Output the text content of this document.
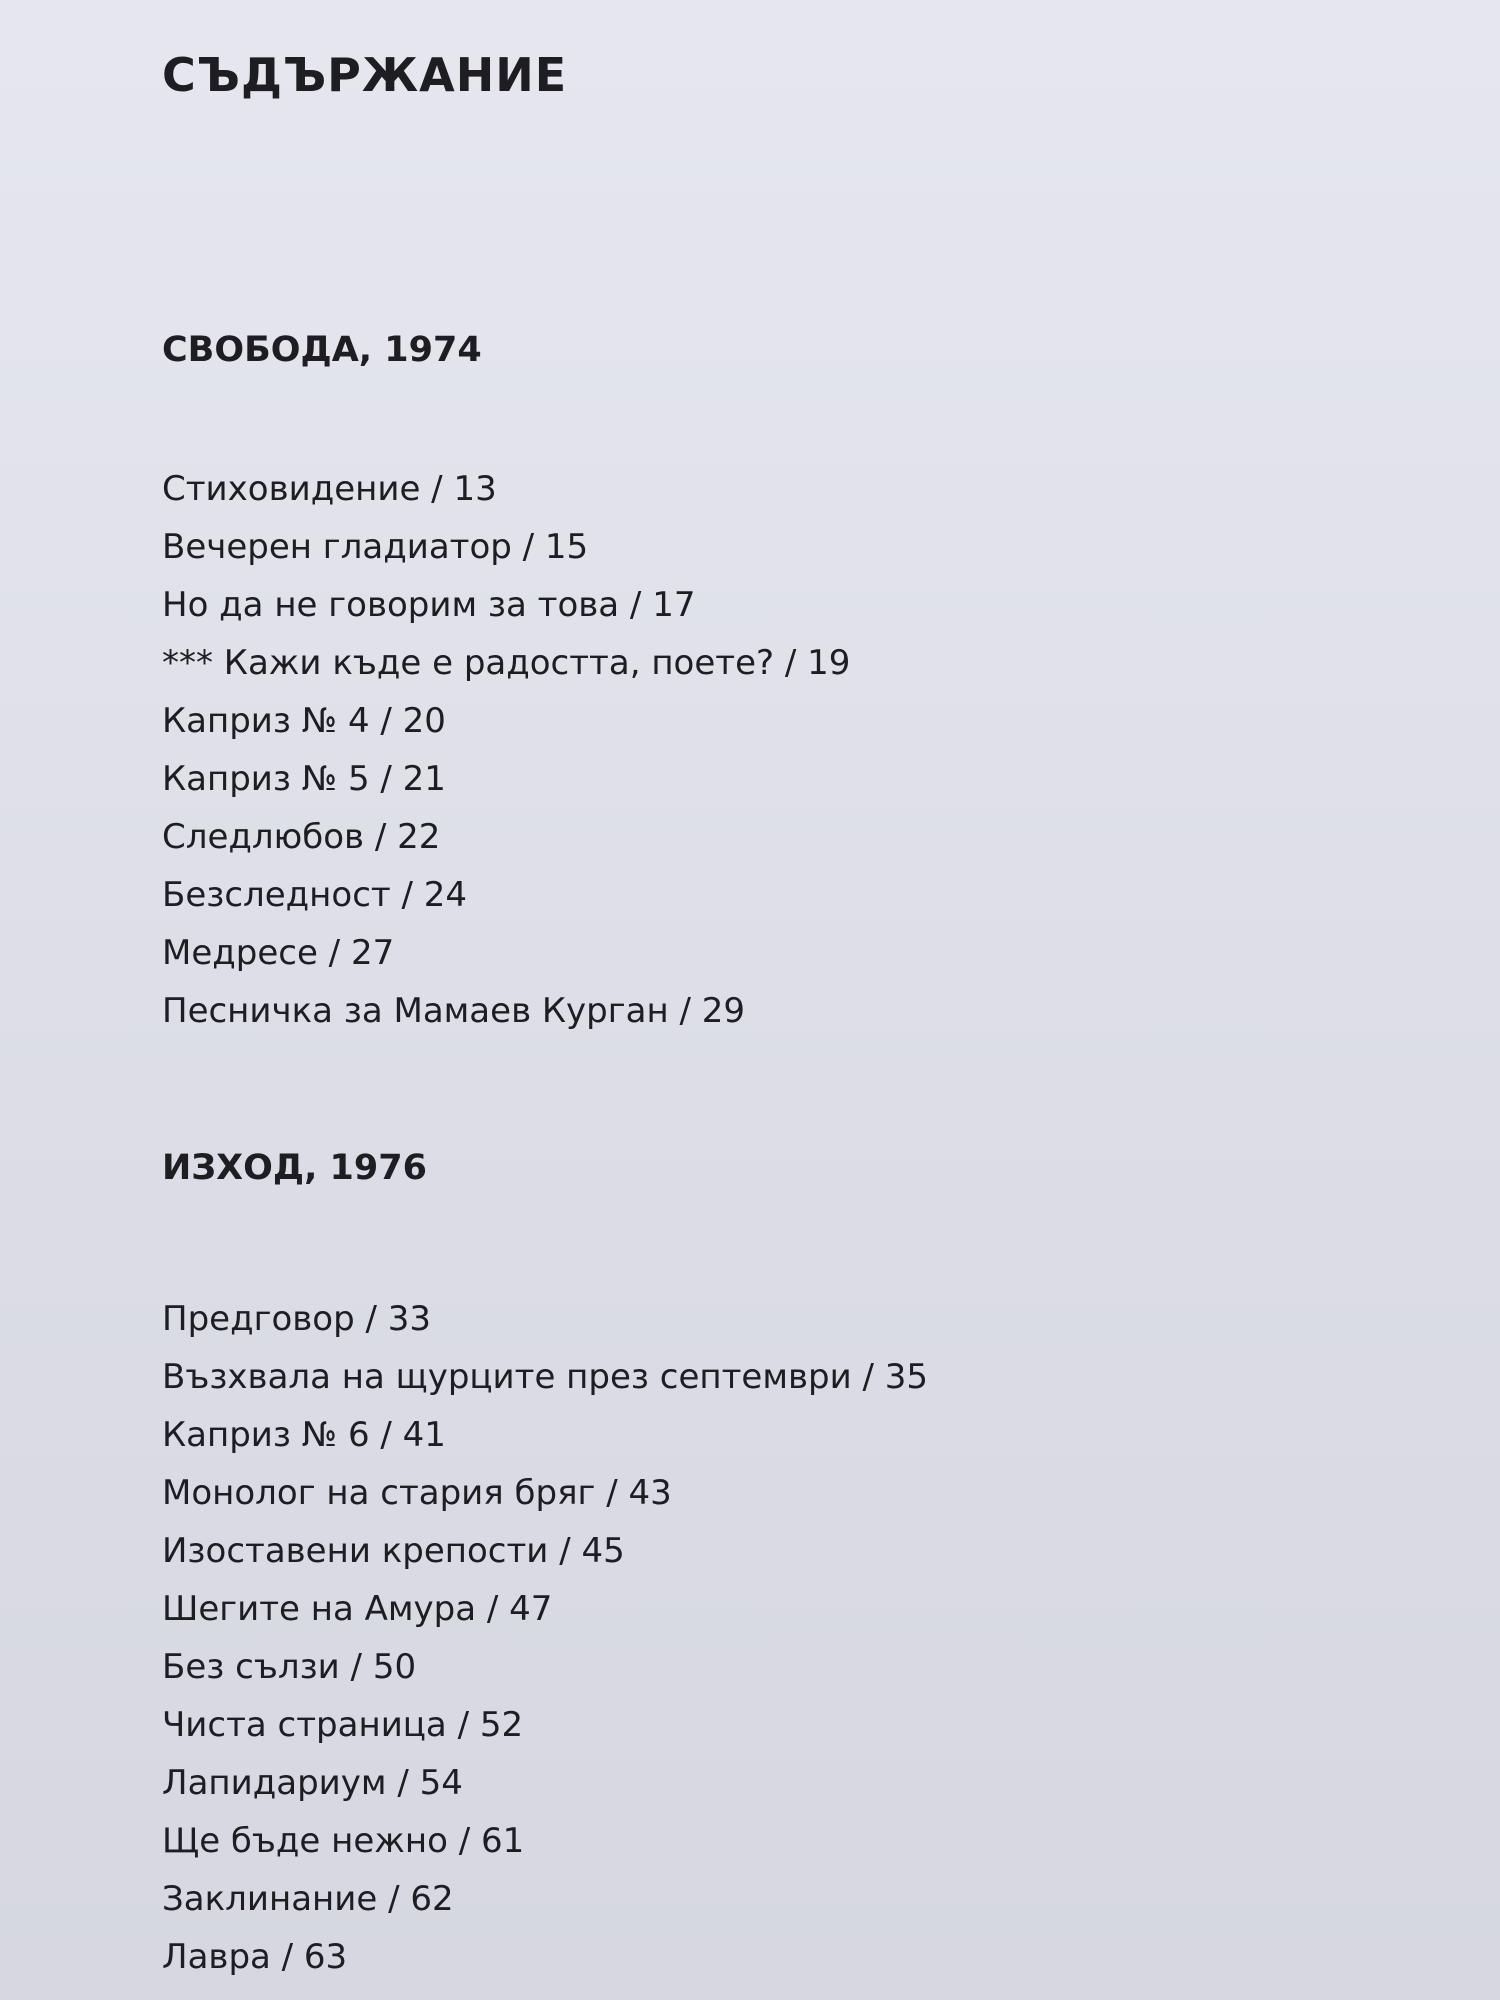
СЪДЪРЖАНИЕ
СВОБОДА, 1974
Стиховидение / 13
Вечерен гладиатор / 15
Но да не говорим за това / 17
*** Кажи къде е радостта, поете? / 19
Каприз № 4 / 20
Каприз № 5 / 21
Следлюбов / 22
Безследност / 24
Медресе / 27
Песничка за Мамаев Курган / 29
ИЗХОД, 1976
Предговор / 33
Възхвала на щурците през септември / 35
Каприз № 6 / 41
Монолог на стария бряг / 43
Изоставени крепости / 45
Шегите на Амура / 47
Без сълзи / 50
Чиста страница / 52
Лапидариум / 54
Ще бъде нежно / 61
Заклинание / 62
Лавра / 63
